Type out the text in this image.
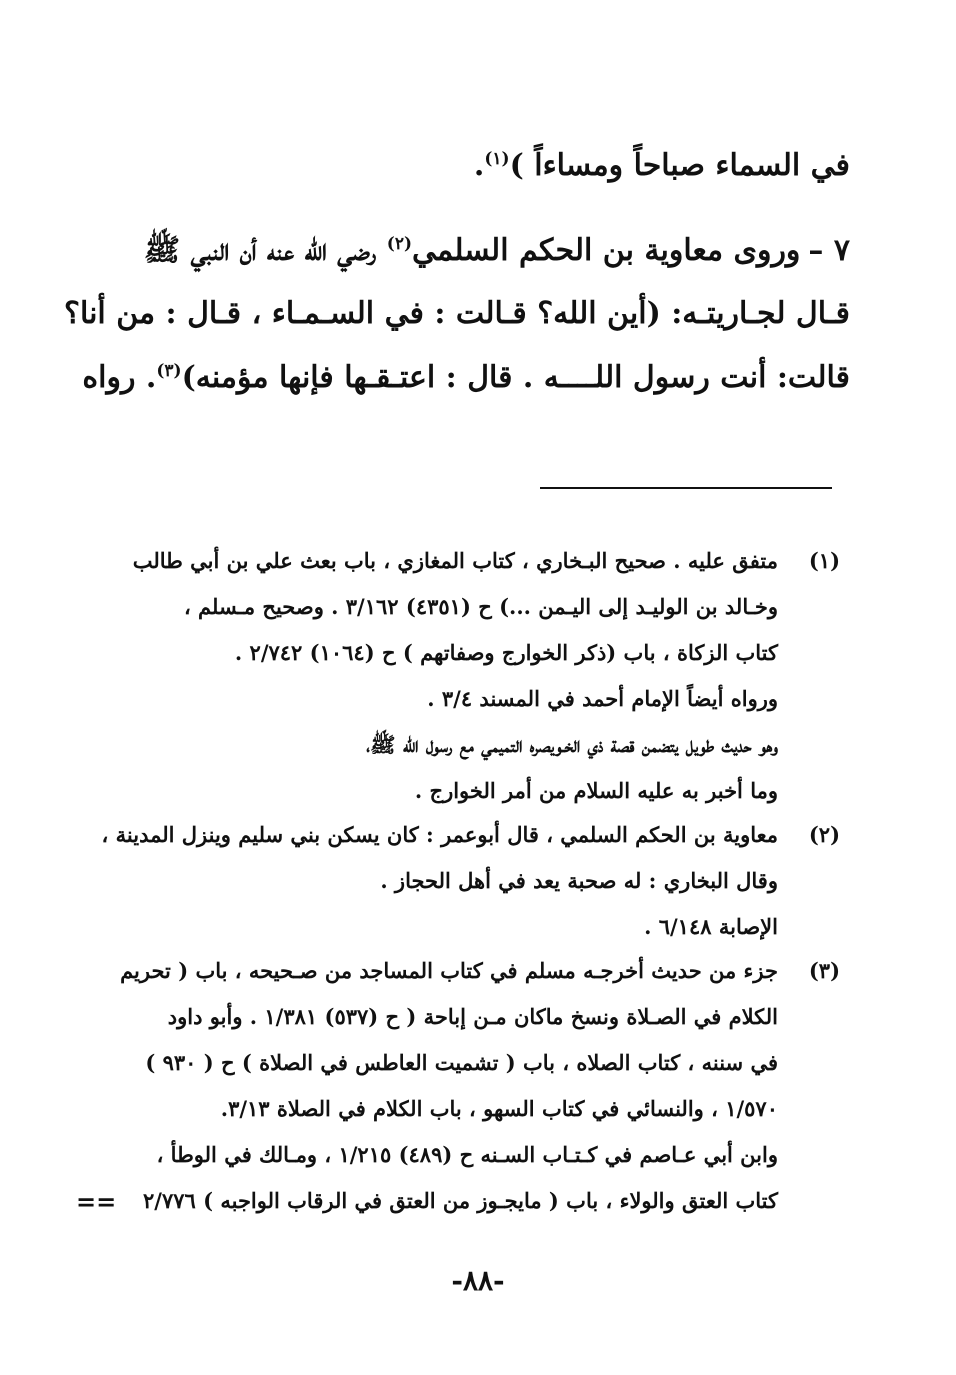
في السماء صباحاً ومساءاً )$^{(١)}$.
٧ –وروى معاوية بن الحكم السلمي$^{(٢)}$ رضي الله عنه أن النبي ﷺ
قـال لجـاريتـه: (أين الله؟ قـالت : في السـمـاء ، قـال : من أنا؟
قالت: أنت رسول اللــــه . قال : اعتـقـها فإنها مؤمنه)$^{(٣)}$. رواه
(١)
متفق عليه . صحيح البـخاري ، كتاب المغازي ، باب بعث علي بن أبي طالب
وخـالد بن الوليـد إلى اليـمن ...) ح (٤٣٥١) ٣/١٦٢ . وصحيح مـسلم ،
كتاب الزكاة ، باب (ذكر الخوارج وصفاتهم ) ح (١٠٦٤) ٢/٧٤٢ .
ورواه أيضاً الإمام أحمد في المسند ٣/٤ .
وهو حديث طويل يتضمن قصة ذي الخـويصره التميمي مع رسول الله ﷺ،
وما أخبر به عليه السلام من أمر الخوارج .
(٢)
معاوية بن الحكم السلمي ، قال أبوعمر : كان يسكن بني سليم وينزل المدينة ،
وقال البخاري : له صحبة يعد في أهل الحجاز .
الإصابة ٦/١٤٨ .
(٣)
جزء من حديث أخرجـه مسلم في كتاب المساجد من صـحيحه ، باب ( تحريم
الكلام في الصـلاة ونسخ ماكان مـن إباحة ( ح (٥٣٧) ١/٣٨١ . وأبو داود
في سننه ، كتاب الصلاه ، باب ( تشميت العاطس في الصلاة ) ح ( ٩٣٠ )
١/٥٧٠ ، والنسائي في كتاب السهو ، باب الكلام في الصلاة ٣/١٣.
وابن أبي عـاصم في كـتـاب السـنه ح (٤٨٩) ١/٢١٥ ، ومـالك في الوطأ ،
كتاب العتق والولاء ، باب ( مايجـوز من العتق في الرقاب الواجبه ) ٢/٧٧٦
==
-٨٨-
